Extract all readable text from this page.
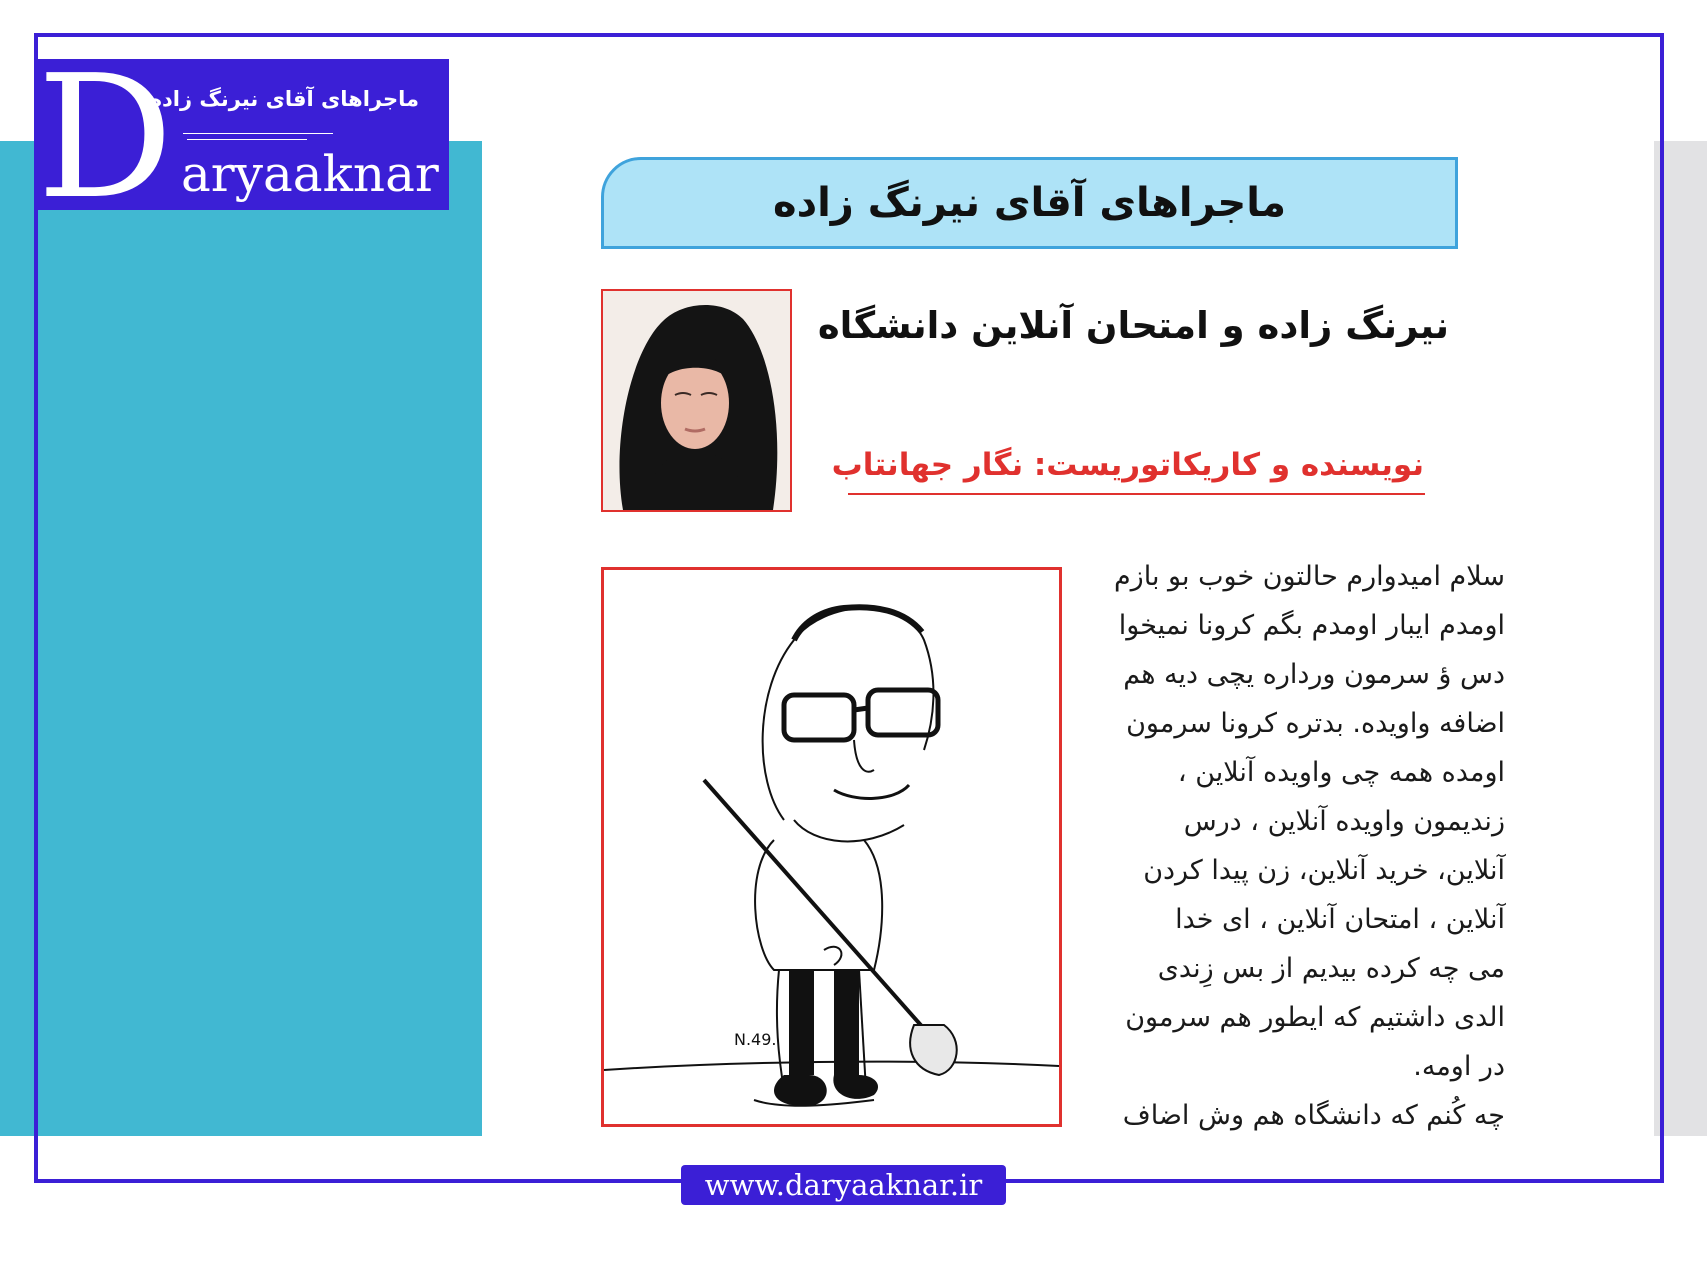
D
ماجراهای آقای نیرنگ زاده
aryaaknar	ماجراهای آقای نیرنگ زاده
نیرنگ زاده و امتحان آنلاین دانشگاه
نویسنده و کاریکاتوریست: نگار جهانتاب
N.49.
سلام امیدوارم حالتون خوب بو بازم
اومدم ایبار اومدم بگم کرونا نمیخوا
دس ؤ سرمون ورداره یچی دیه هم
اضافه واویده. بدتره کرونا سرمون
اومده همه چی واویده آنلاین ،
زندیمون واویده آنلاین ، درس
آنلاین، خرید آنلاین، زن پیدا کردن
آنلاین ، امتحان آنلاین ، ای خدا
می چه کرده بیدیم از بس زِندی
الدی داشتیم که ایطور هم سرمون
در اومه.
چه کُنم که دانشگاه هم وش اضاف
www.daryaaknar.ir
